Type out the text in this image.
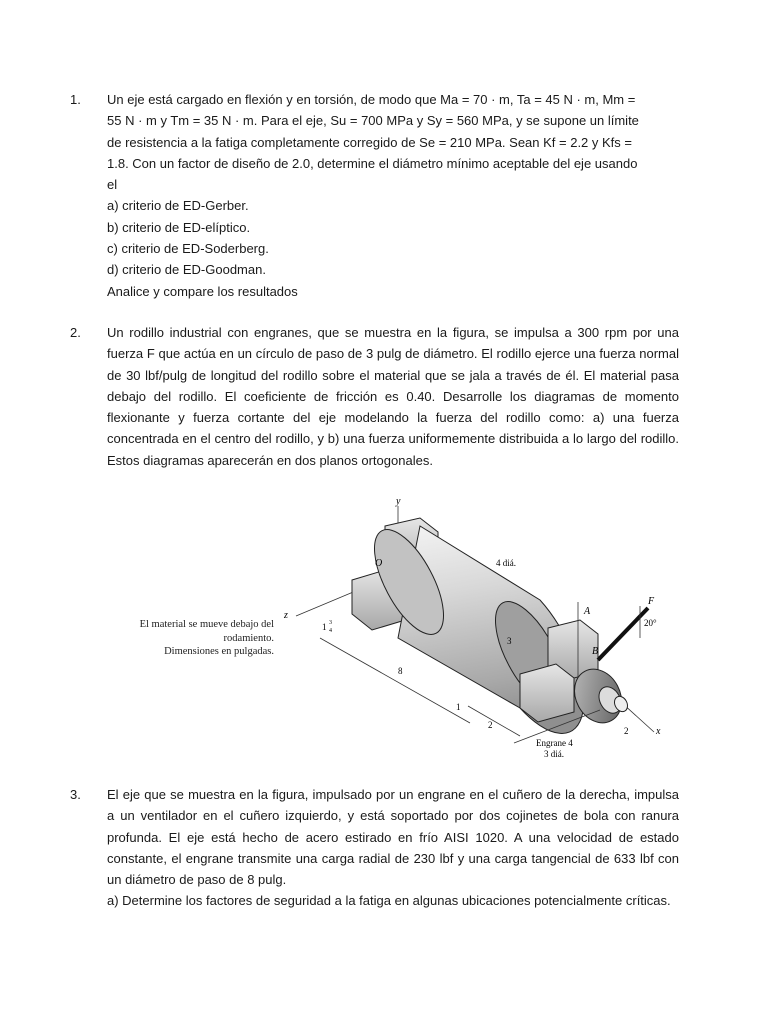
1. Un eje está cargado en flexión y en torsión, de modo que Ma = 70 · m, Ta = 45 N · m, Mm =

55 N · m y Tm = 35 N · m. Para el eje, Su = 700 MPa y Sy = 560 MPa, y se supone un límite

de resistencia a la fatiga completamente corregido de Se = 210 MPa. Sean Kf = 2.2 y Kfs =

1.8. Con un factor de diseño de 2.0, determine el diámetro mínimo aceptable del eje usando

el

a) criterio de ED-Gerber.

b) criterio de ED-elíptico.

c) criterio de ED-Soderberg.

d) criterio de ED-Goodman.

Analice y compare los resultados

2. Un rodillo industrial con engranes, que se muestra en la figura, se impulsa a 300 rpm por una fuerza F que actúa en un círculo de paso de 3 pulg de diámetro. El rodillo ejerce una fuerza normal de 30 lbf/pulg de longitud del rodillo sobre el material que se jala a través de él. El material pasa debajo del rodillo. El coeficiente de fricción es 0.40. Desarrolle los diagramas de momento flexionante y fuerza cortante del eje modelando la fuerza del rodillo como: a) una fuerza concentrada en el centro del rodillo, y b) una fuerza uniformemente distribuida a lo largo del rodillo. Estos diagramas aparecerán en dos planos ortogonales.

El material se mueve debajo del
rodamiento.
Dimensiones en pulgadas.
y
z
x
O
A
B
F
4 diá.
20°
3
8
1 3
4
1
2
2
Engrane 4
3 diá.
3. El eje que se muestra en la figura, impulsado por un engrane en el cuñero de la derecha, impulsa a un ventilador en el cuñero izquierdo, y está soportado por dos cojinetes de bola con ranura profunda. El eje está hecho de acero estirado en frío AISI 1020. A una velocidad de estado constante, el engrane transmite una carga radial de 230 lbf y una carga tangencial de 633 lbf con un diámetro de paso de 8 pulg.

a) Determine los factores de seguridad a la fatiga en algunas ubicaciones potencialmente críticas.
